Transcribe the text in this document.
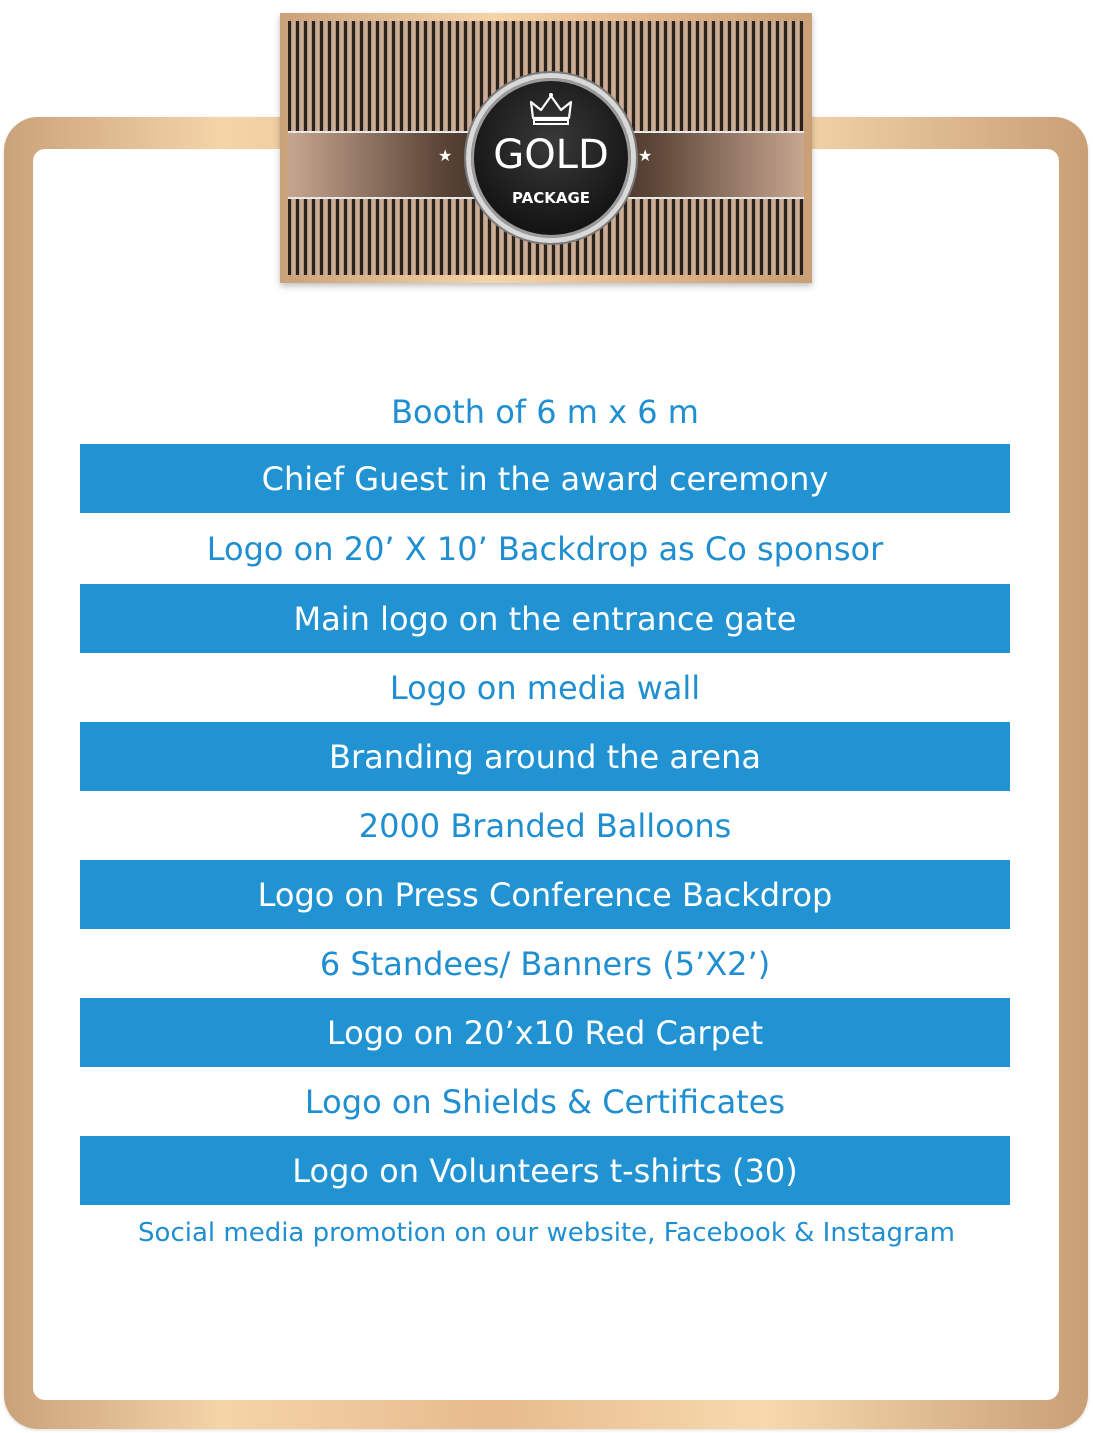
★	★
GOLD
PACKAGE
Booth of 6 m x 6 m
Chief Guest in the award ceremony
Logo on 20’ X 10’ Backdrop as Co sponsor
Main logo on the entrance gate
Logo on media wall
Branding around the arena
2000 Branded Balloons
Logo on Press Conference Backdrop
6 Standees/ Banners (5’X2’)
Logo on 20’x10 Red Carpet
Logo on Shields & Certificates
Logo on Volunteers t-shirts (30)
Social media promotion on our website, Facebook & Instagram
